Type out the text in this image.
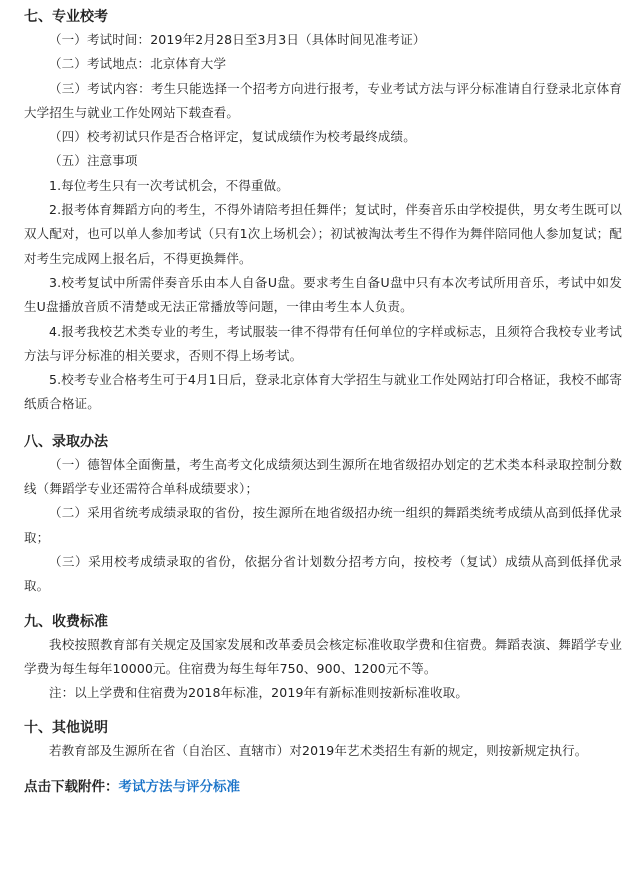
七、专业校考

（一）考试时间：2019年2月28日至3月3日（具体时间见准考证）

（二）考试地点：北京体育大学

（三）考试内容：考生只能选择一个招考方向进行报考，专业考试方法与评分标准请自行登录北京体育大学招生与就业工作处网站下载查看。

（四）校考初试只作是否合格评定，复试成绩作为校考最终成绩。

（五）注意事项

1.每位考生只有一次考试机会，不得重做。

2.报考体育舞蹈方向的考生，不得外请陪考担任舞伴；复试时，伴奏音乐由学校提供，男女考生既可以双人配对，也可以单人参加考试（只有1次上场机会）；初试被淘汰考生不得作为舞伴陪同他人参加复试；配对考生完成网上报名后，不得更换舞伴。

3.校考复试中所需伴奏音乐由本人自备U盘。要求考生自备U盘中只有本次考试所用音乐，考试中如发生U盘播放音质不清楚或无法正常播放等问题，一律由考生本人负责。

4.报考我校艺术类专业的考生，考试服装一律不得带有任何单位的字样或标志，且须符合我校专业考试方法与评分标准的相关要求，否则不得上场考试。

5.校考专业合格考生可于4月1日后，登录北京体育大学招生与就业工作处网站打印合格证，我校不邮寄纸质合格证。

八、录取办法

（一）德智体全面衡量，考生高考文化成绩须达到生源所在地省级招办划定的艺术类本科录取控制分数线（舞蹈学专业还需符合单科成绩要求）；

（二）采用省统考成绩录取的省份，按生源所在地省级招办统一组织的舞蹈类统考成绩从高到低择优录取；

（三）采用校考成绩录取的省份，依据分省计划数分招考方向，按校考（复试）成绩从高到低择优录取。

九、收费标准

我校按照教育部有关规定及国家发展和改革委员会核定标准收取学费和住宿费。舞蹈表演、舞蹈学专业学费为每生每年10000元。住宿费为每生每年750、900、1200元不等。

注：以上学费和住宿费为2018年标准，2019年有新标准则按新标准收取。

十、其他说明

若教育部及生源所在省（自治区、直辖市）对2019年艺术类招生有新的规定，则按新规定执行。

点击下载附件：考试方法与评分标准
